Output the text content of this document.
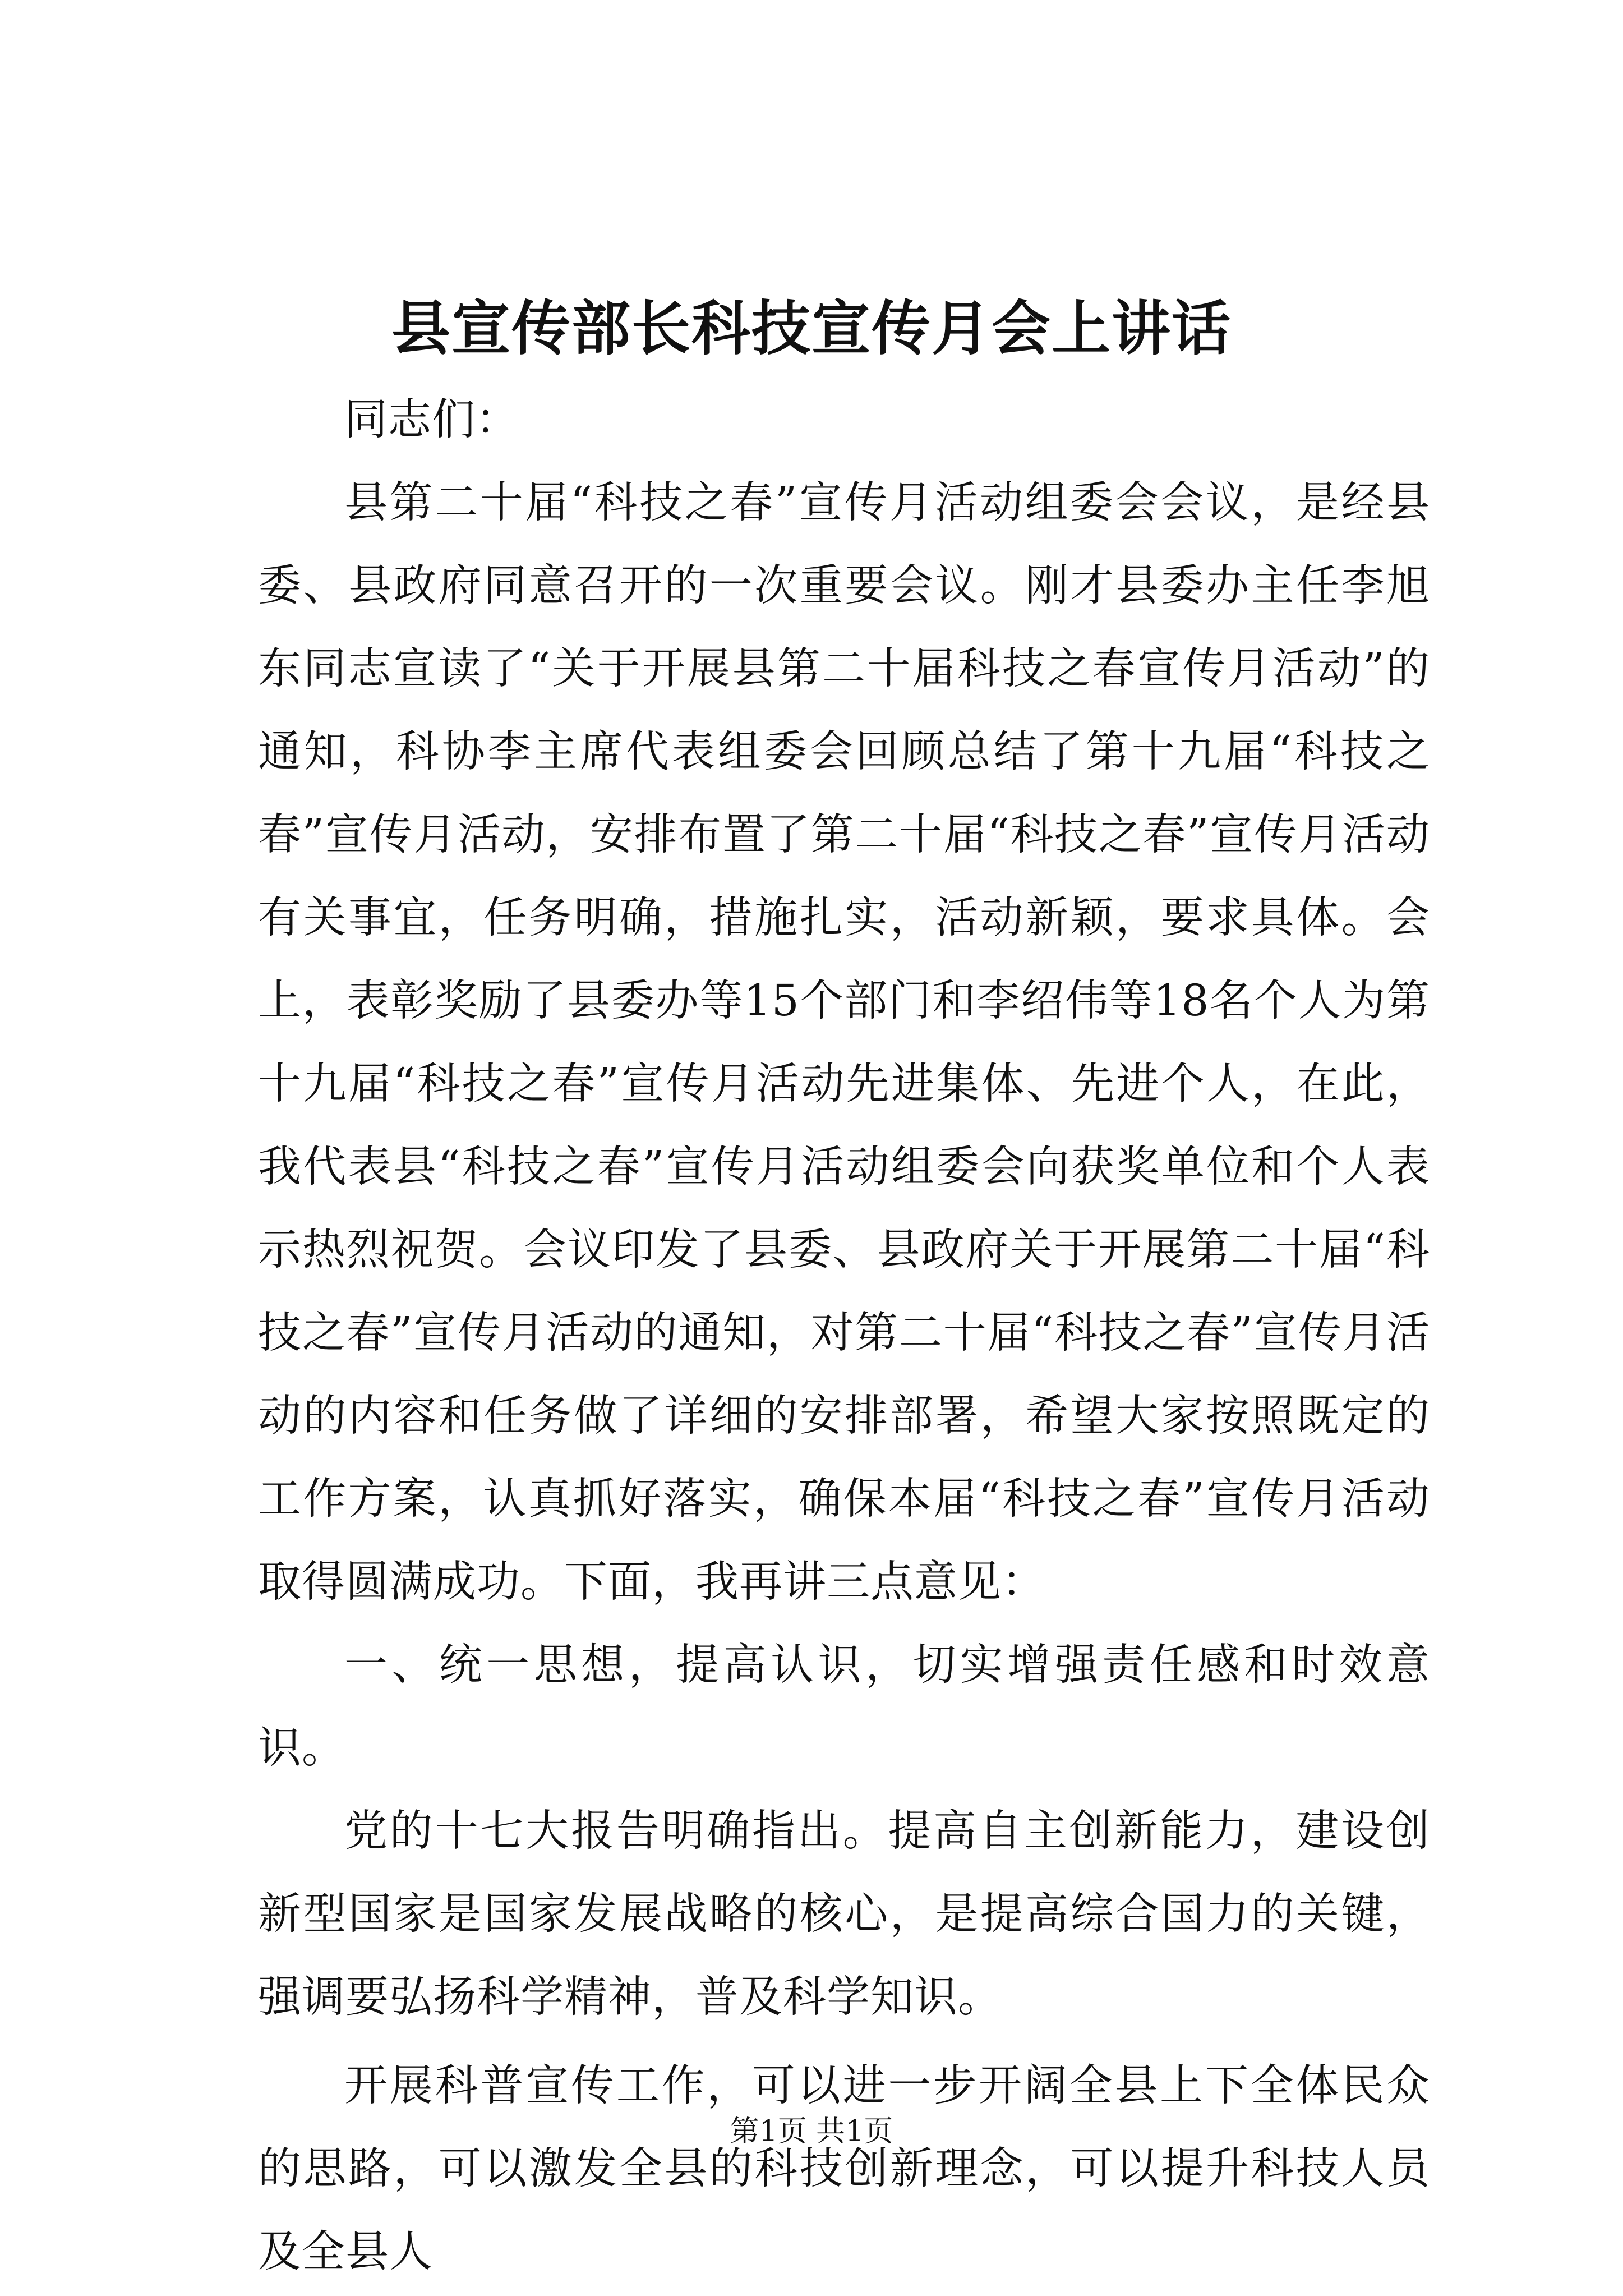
县宣传部长科技宣传月会上讲话

同志们：

县第二十届“科技之春”宣传月活动组委会会议，是经县委、县政府同意召开的一次重要会议。刚才县委办主任李旭东同志宣读了“关于开展县第二十届科技之春宣传月活动”的通知，科协李主席代表组委会回顾总结了第十九届“科技之春”宣传月活动，安排布置了第二十届“科技之春”宣传月活动有关事宜，任务明确，措施扎实，活动新颖，要求具体。会上，表彰奖励了县委办等15个部门和李绍伟等18名个人为第十九届“科技之春”宣传月活动先进集体、先进个人，在此，我代表县“科技之春”宣传月活动组委会向获奖单位和个人表示热烈祝贺。会议印发了县委、县政府关于开展第二十届“科技之春”宣传月活动的通知，对第二十届“科技之春”宣传月活动的内容和任务做了详细的安排部署，希望大家按照既定的工作方案，认真抓好落实，确保本届“科技之春”宣传月活动取得圆满成功。下面，我再讲三点意见：

一、统一思想，提高认识，切实增强责任感和时效意识。

党的十七大报告明确指出。提高自主创新能力，建设创新型国家是国家发展战略的核心，是提高综合国力的关键，强调要弘扬科学精神，普及科学知识。

开展科普宣传工作，可以进一步开阔全县上下全体民众的思路，可以激发全县的科技创新理念，可以提升科技人员及全县人

第1页 共1页
